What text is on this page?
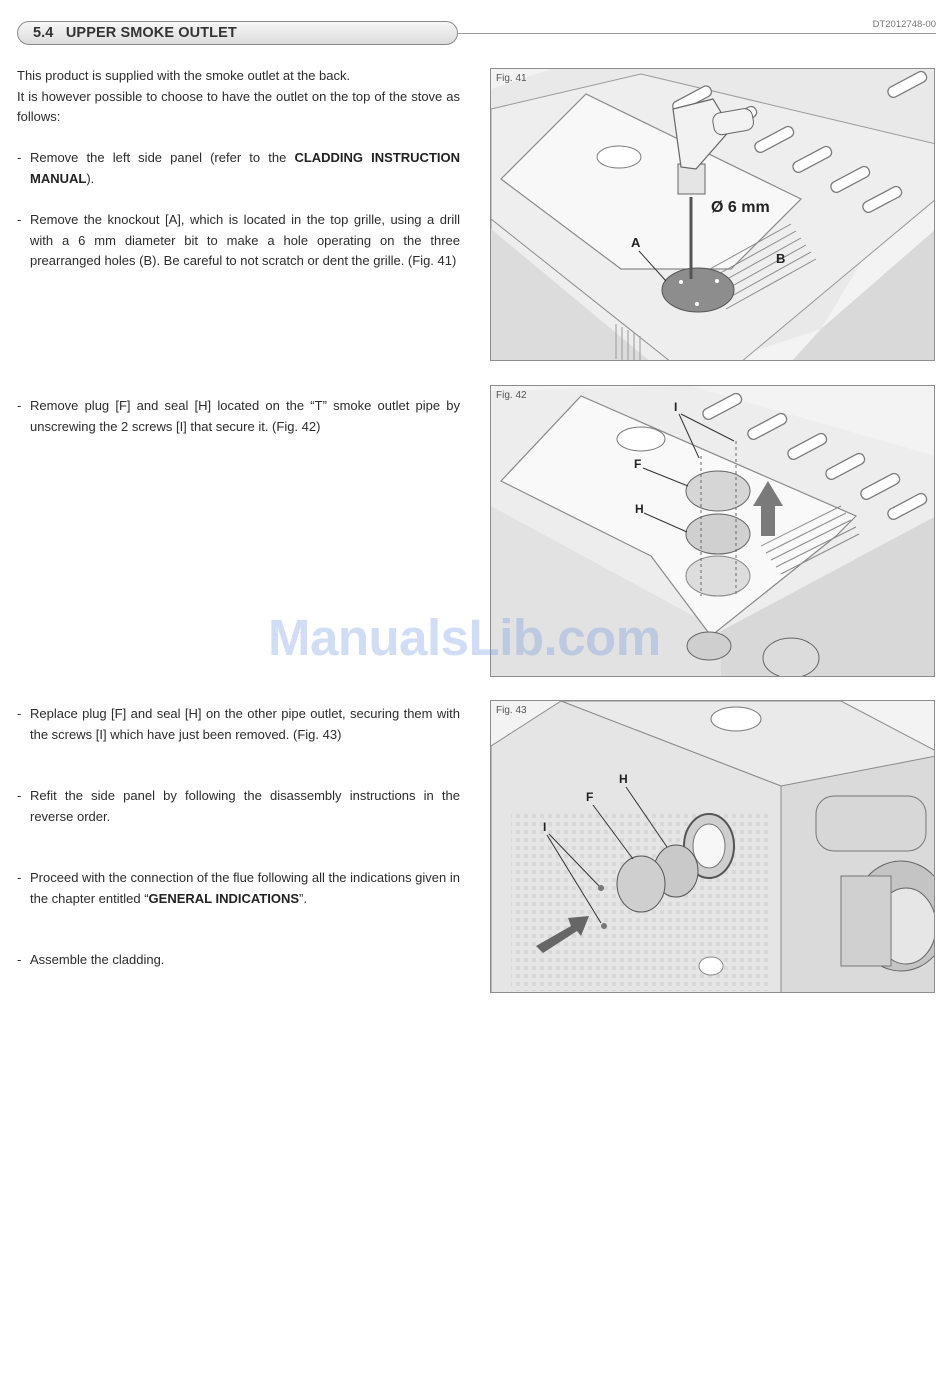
5.4 UPPER SMOKE OUTLET
DT2012748-00
This product is supplied with the smoke outlet at the back.
It is however possible to choose to have the outlet on the top of the stove as follows:
- Remove the left side panel (refer to the CLADDING INSTRUCTION MANUAL).
- Remove the knockout [A], which is located in the top grille, using a drill with a 6 mm diameter bit to make a hole operating on the three prearranged holes (B). Be careful to not scratch or dent the grille. (Fig. 41)
- Remove plug [F] and seal [H] located on the “T” smoke outlet pipe by unscrewing the 2 screws [I] that secure it. (Fig. 42)
- Replace plug [F] and seal [H] on the other pipe outlet, securing them with the screws [I] which have just been removed. (Fig. 43)
- Refit the side panel by following the disassembly instructions in the reverse order.
- Proceed with the connection of the flue following all the indications given in the chapter entitled “GENERAL INDICATIONS”.
- Assemble the cladding.
Fig. 41
Ø 6 mm
A
B
Fig. 42
I
F
H
Fig. 43
I
F
H
ManualsLib.com
